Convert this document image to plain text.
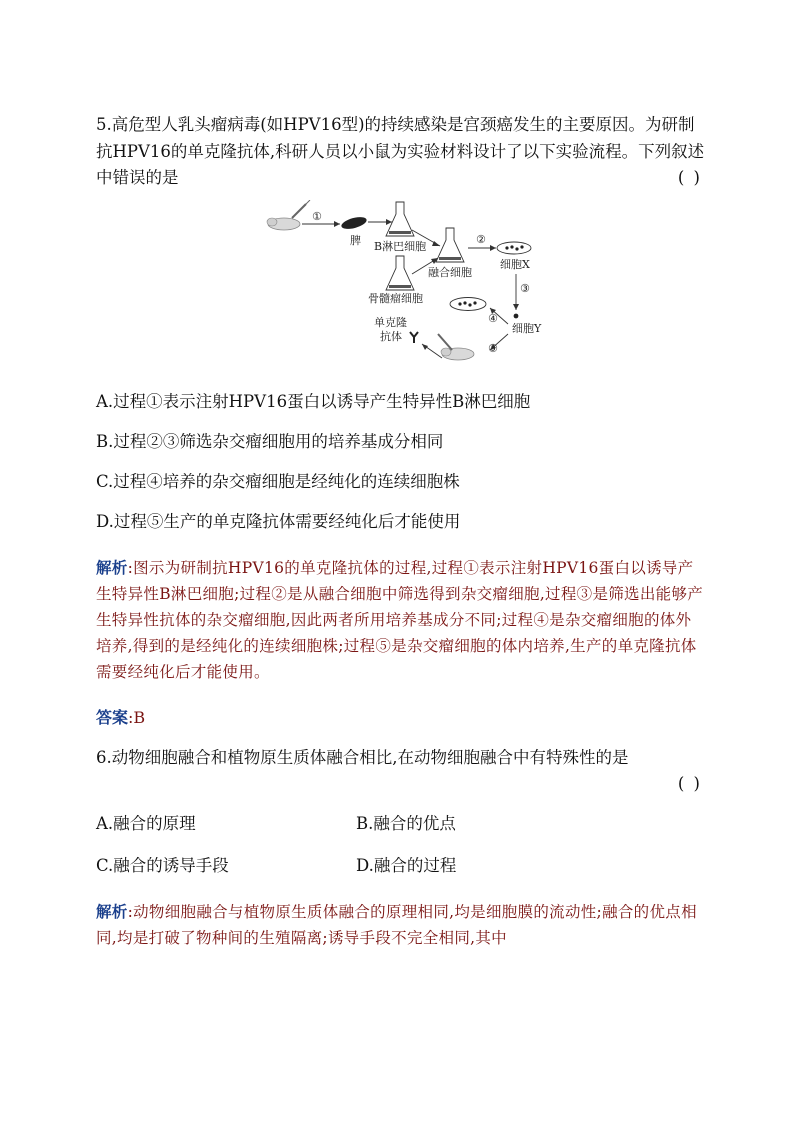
5.高危型人乳头瘤病毒(如HPV16型)的持续感染是宫颈癌发生的主要原因。为研制抗HPV16的单克隆抗体,科研人员以小鼠为实验材料设计了以下实验流程。下列叙述中错误的是	( )

①
脾 B淋巴细胞
融合细胞
骨髓瘤细胞
②
细胞X
③
细胞Y
④
⑤
单克隆
抗体

A.过程①表示注射HPV16蛋白以诱导产生特异性B淋巴细胞

B.过程②③筛选杂交瘤细胞用的培养基成分相同

C.过程④培养的杂交瘤细胞是经纯化的连续细胞株

D.过程⑤生产的单克隆抗体需要经纯化后才能使用

解析:图示为研制抗HPV16的单克隆抗体的过程,过程①表示注射HPV16蛋白以诱导产生特异性B淋巴细胞;过程②是从融合细胞中筛选得到杂交瘤细胞,过程③是筛选出能够产生特异性抗体的杂交瘤细胞,因此两者所用培养基成分不同;过程④是杂交瘤细胞的体外培养,得到的是经纯化的连续细胞株;过程⑤是杂交瘤细胞的体内培养,生产的单克隆抗体需要经纯化后才能使用。

答案:B

6.动物细胞融合和植物原生质体融合相比,在动物细胞融合中有特殊性的是

( )
A.融合的原理	B.融合的优点
C.融合的诱导手段	D.融合的过程

解析:动物细胞融合与植物原生质体融合的原理相同,均是细胞膜的流动性;融合的优点相同,均是打破了物种间的生殖隔离;诱导手段不完全相同,其中
